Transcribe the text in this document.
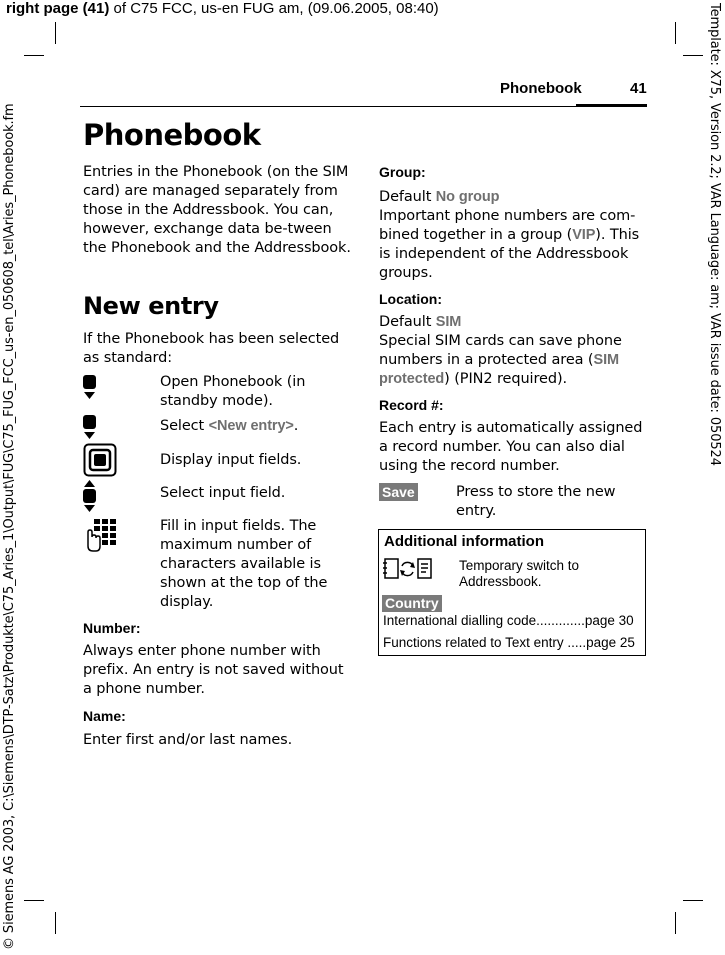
right page (41) of C75 FCC, us-en FUG am, (09.06.2005, 08:40)
© Siemens AG 2003, C:\Siemens\DTP-Satz\Produkte\C75_Aries_1\Output\FUG\C75_FUG_FCC_us-en_050608_tel\Aries_Phonebook.fm	Template: X75, Version 2.2; VAR Language: am; VAR issue date: 050524
Phonebook	41
Phonebook
Entries in the Phonebook (on the SIM card) are managed separately from those in the Addressbook. You can, however, exchange data be-tween the Phonebook and the Addressbook.
New entry
If the Phonebook has been selected as standard:
Open Phonebook (in standby mode).
Select <New entry>.
Display input fields.
Select input field.
Fill in input fields. The maximum number of characters available is shown at the top of the display.
Number:
Always enter phone number with prefix. An entry is not saved without a phone number.
Name:
Enter first and/or last names.
Group:
Default No group
Important phone numbers are com-bined together in a group (VIP). This is independent of the Addressbook groups.
Location:
Default SIM
Special SIM cards can save phone numbers in a protected area (SIM protected) (PIN2 required).
Record #:
Each entry is automatically assigned a record number. You can also dial using the record number.
Save	Press to store the new entry.
Additional information
Temporary switch to Addressbook.
Country
International dialling code.............page 30
Functions related to Text entry .....page 25
